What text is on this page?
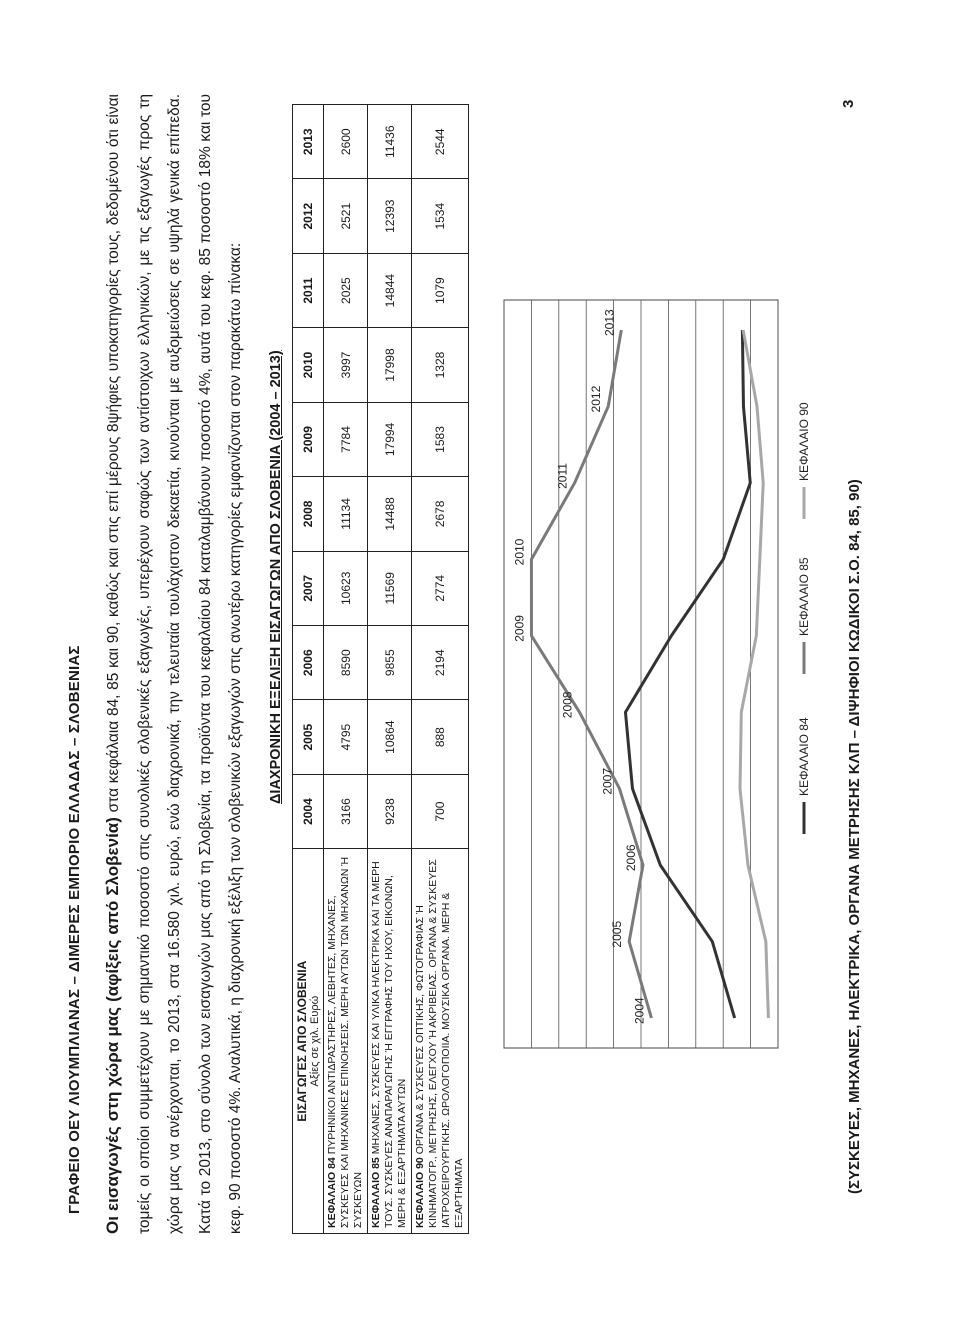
ΓΡΑΦΕΙΟ ΟΕΥ ΛΙΟΥΜΠΛΙΑΝΑΣ – ΔΙΜΕΡΕΣ ΕΜΠΟΡΙΟ ΕΛΛΑΔΑΣ – ΣΛΟΒΕΝΙΑΣ Οι εισαγωγές στη χώρα μας (αφίξεις από Σλοβενία) στα κεφάλαια 84, 85 και 90, καθώς και στις επί μέρους 8ψήφιες υποκατηγορίες τους, δεδομένου ότι είναι τομείς οι οποίοι συμμετέχουν με σημαντικό ποσοστό στις συνολικές σλοβενικές εξαγωγές, υπερέχουν σαφώς των αντίστοιχων ελληνικών, με τις εξαγωγές προς τη χώρα μας να ανέρχονται, το 2013, στα 16.580 χιλ. ευρώ, ενώ διαχρονικά, την τελευταία τουλάχιστον δεκαετία, κινούνται με αυξομειώσεις σε υψηλά γενικά επίπεδα. Κατά το 2013, στο σύνολο των εισαγωγών μας από τη Σλοβενία, τα προϊόντα του κεφαλαίου 84 καταλαμβάνουν ποσοστό 4%, αυτά του κεφ. 85 ποσοστό 18% και του κεφ. 90 ποσοστό 4%. Αναλυτικά, η διαχρονική εξέλιξη των σλοβενικών εξαγωγών στις ανωτέρω κατηγορίες εμφανίζονται στον παρακάτω πίνακα:	ΔΙΑΧΡΟΝΙΚΗ ΕΞΕΛΙΞΗ ΕΙΣΑΓΩΓΩΝ ΑΠΟ ΣΛΟΒΕΝΙΑ (2004 – 2013)
ΕΙΣΑΓΩΓΕΣ ΑΠΟ ΣΛΟΒΕΝΙΑ Αξίες σε χιλ. Ευρώ	2004	2005	2006	2007	2008	2009	2010	2011	2012	2013
ΚΕΦΑΛΑΙΟ 84 ΠΥΡΗΝΙΚΟΙ ΑΝΤΙΔΡΑΣΤΗΡΕΣ, ΛΕΒΗΤΕΣ, ΜΗΧΑΝΕΣ, ΣΥΣΚΕΥΕΣ ΚΑΙ ΜΗΧΑΝΙΚΕΣ ΕΠΙΝΟΗΣΕΙΣ. ΜΕΡΗ ΑΥΤΩΝ ΤΩΝ ΜΗΧΑΝΩΝ Ή ΣΥΣΚΕΥΩΝ	3166	4795	8590	10623	11134	7784	3997	2025	2521	2600
ΚΕΦΑΛΑΙΟ 85 ΜΗΧΑΝΕΣ, ΣΥΣΚΕΥΕΣ ΚΑΙ ΥΛΙΚΑ ΗΛΕΚΤΡΙΚΑ ΚΑΙ ΤΑ ΜΕΡΗ ΤΟΥΣ. ΣΥΣΚΕΥΕΣ ΑΝΑΠΑΡΑΓΩΓΗΣ Ή ΕΓΓΡΑΦΗΣ ΤΟΥ ΗΧΟΥ, ΕΙΚΟΝΩΝ, ΜΕΡΗ & ΕΞΑΡΤΗΜΑΤΑ ΑΥΤΩΝ	9238	10864	9855	11569	14488	17994	17998	14844	12393	11436
ΚΕΦΑΛΑΙΟ 90 ΟΡΓΑΝΑ & ΣΥΣΚΕΥΕΣ ΟΠΤΙΚΗΣ, ΦΩΤΟΓΡΑΦΙΑΣ Ή ΚΙΝΗΜΑΤΟΓΡ., ΜΕΤΡΗΣΗΣ, ΕΛΕΓΧΟΥ Ή ΑΚΡΙΒΕΙΑΣ. ΟΡΓΑΝΑ & ΣΥΣΚΕΥΕΣ ΙΑΤΡΟΧΕΙΡΟΥΡΓΙΚΗΣ. ΩΡΟΛΟΓΟΠΟΙΙΑ. ΜΟΥΣΙΚΑ ΟΡΓΑΝΑ. ΜΕΡΗ & ΕΞΑΡΤΗΜΑΤΑ	700	888	2194	2774	2678	1583	1328	1079	1534	2544
2004
2005
2006
2007
2008
2009
2010
2011
2012
2013
ΚΕΦΑΛΑΙΟ 84
ΚΕΦΑΛΑΙΟ 85
ΚΕΦΑΛΑΙΟ 90
(ΣΥΣΚΕΥΕΣ, ΜΗΧΑΝΕΣ, ΗΛΕΚΤΡΙΚΑ, ΟΡΓΑΝΑ ΜΕΤΡΗΣΗΣ ΚΛΠ – ΔΙΨΗΦΙΟΙ ΚΩΔΙΚΟΙ Σ.Ο. 84, 85, 90)
3
